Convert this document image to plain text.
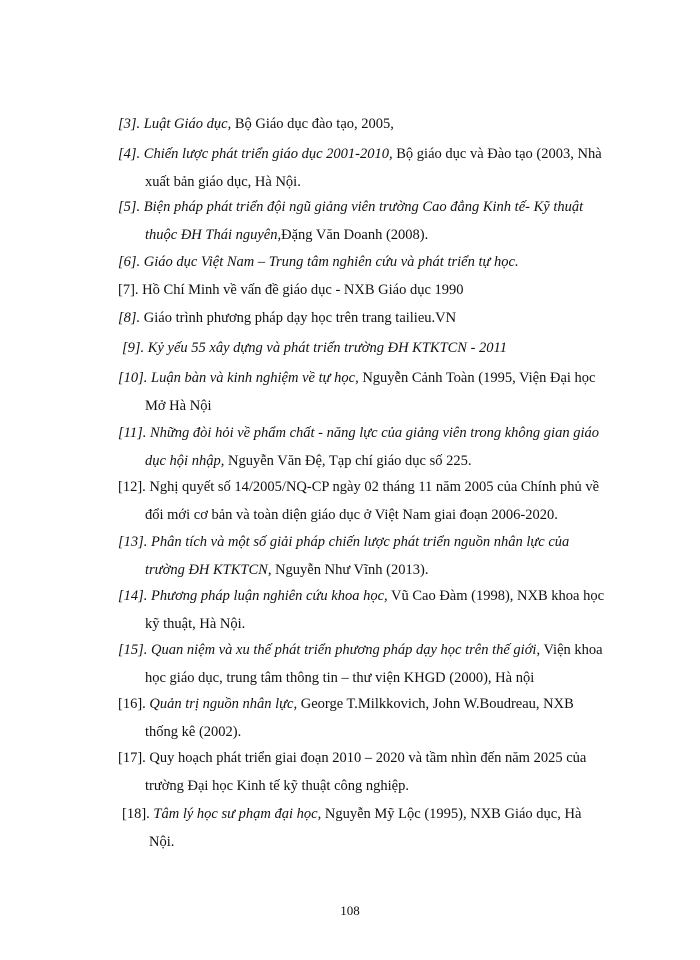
[3]. Luật Giáo dục, Bộ Giáo dục đào tạo, 2005,
[4]. Chiến lược phát triển giáo dục 2001-2010, Bộ giáo dục và Đào tạo (2003, Nhà
xuất bản giáo dục, Hà Nội.
[5]. Biện pháp phát triển đội ngũ giảng viên trường Cao đẳng Kinh tế- Kỹ thuật
thuộc ĐH Thái nguyên,Đặng Văn Doanh (2008).
[6]. Giáo dục Việt Nam – Trung tâm nghiên cứu và phát triển tự học.
[7]. Hồ Chí Minh về vấn đề giáo dục - NXB Giáo dục 1990
[8]. Giáo trình phương pháp dạy học trên trang tailieu.VN
[9]. Kỷ yếu 55 xây dựng và phát triển trường ĐH KTKTCN - 2011
[10]. Luận bàn và kinh nghiệm về tự học, Nguyễn Cảnh Toàn (1995, Viện Đại học
Mở Hà Nội
[11]. Những đòi hỏi về phẩm chất - năng lực của giảng viên trong không gian giáo
dục hội nhập, Nguyễn Văn Đệ, Tạp chí giáo dục số 225.
[12]. Nghị quyết số 14/2005/NQ-CP ngày 02 tháng 11 năm 2005 của Chính phủ về
đổi mới cơ bản và toàn diện giáo dục ở Việt Nam giai đoạn 2006-2020.
[13]. Phân tích và một số giải pháp chiến lược phát triển nguồn nhân lực của
trường ĐH KTKTCN, Nguyễn Như Vĩnh (2013).
[14]. Phương pháp luận nghiên cứu khoa học, Vũ Cao Đàm (1998), NXB khoa học
kỹ thuật, Hà Nội.
[15]. Quan niệm và xu thế phát triển phương pháp dạy học trên thế giới, Viện khoa
học giáo dục, trung tâm thông tin – thư viện KHGD (2000), Hà nội
[16]. Quản trị nguồn nhân lực, George T.Milkkovich, John W.Boudreau, NXB
thống kê (2002).
[17]. Quy hoạch phát triển giai đoạn 2010 – 2020 và tầm nhìn đến năm 2025 của
trường Đại học Kinh tế kỹ thuật công nghiệp.
[18]. Tâm lý học sư phạm đại học, Nguyễn Mỹ Lộc (1995), NXB Giáo dục, Hà
Nội.
108
